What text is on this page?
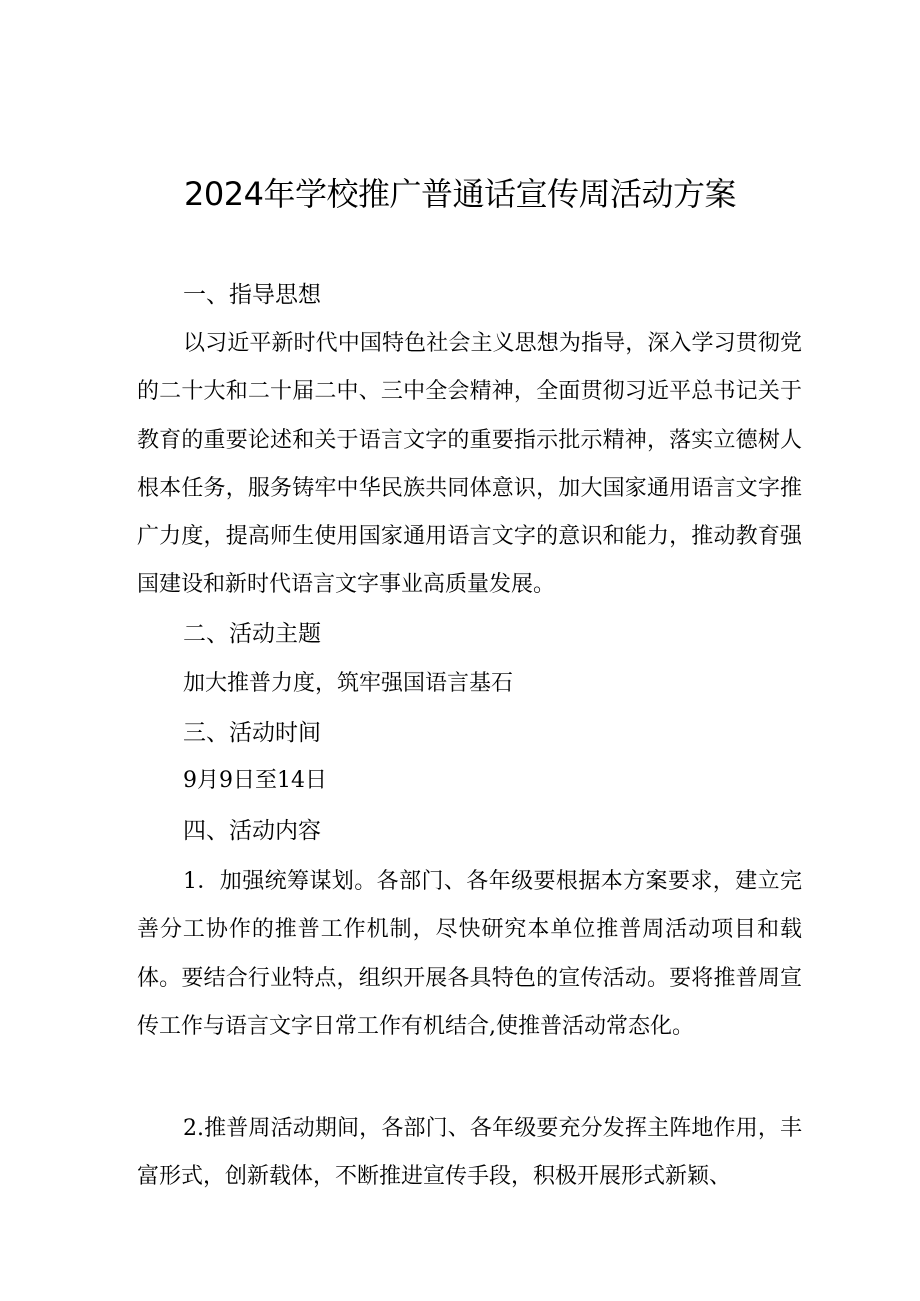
2024年学校推广普通话宣传周活动方案
一、指导思想

以习近平新时代中国特色社会主义思想为指导，深入学习贯彻党的二十大和二十届二中、三中全会精神，全面贯彻习近平总书记关于教育的重要论述和关于语言文字的重要指示批示精神，落实立德树人根本任务，服务铸牢中华民族共同体意识，加大国家通用语言文字推广力度，提高师生使用国家通用语言文字的意识和能力，推动教育强国建设和新时代语言文字事业高质量发展。

二、活动主题
加大推普力度，筑牢强国语言基石
三、活动时间
9月9日至14日
四、活动内容

1．加强统筹谋划。各部门、各年级要根据本方案要求，建立完善分工协作的推普工作机制，尽快研究本单位推普周活动项目和载体。要结合行业特点，组织开展各具特色的宣传活动。要将推普周宣传工作与语言文字日常工作有机结合,使推普活动常态化。

2.推普周活动期间，各部门、各年级要充分发挥主阵地作用，丰富形式，创新载体，不断推进宣传手段，积极开展形式新颖、
